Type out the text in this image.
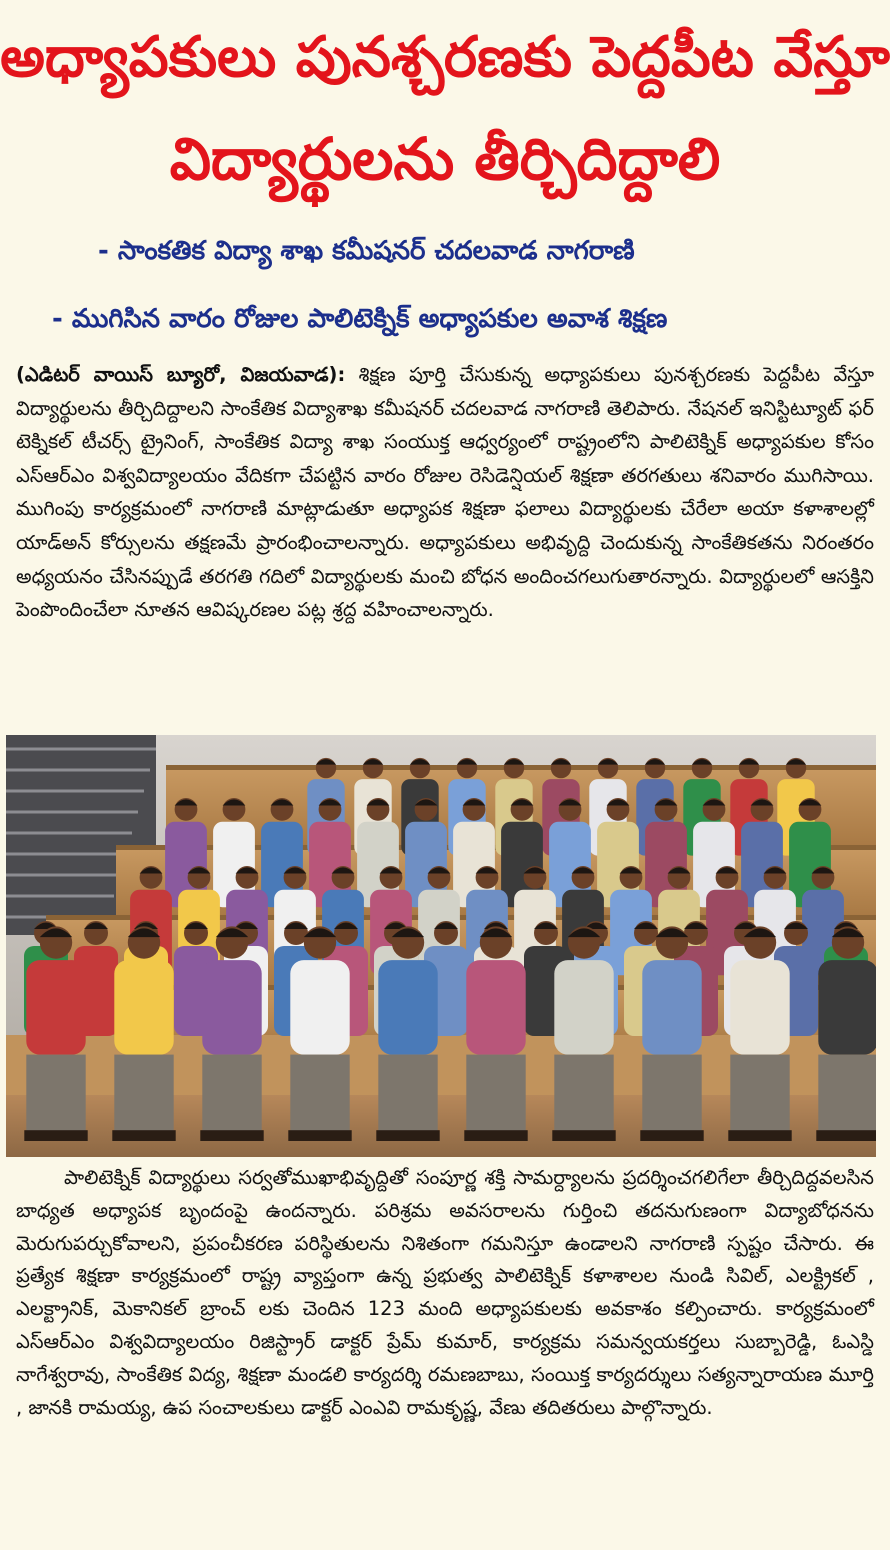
అధ్యాపకులు పునశ్చరణకు పెద్దపీట వేస్తూ
విద్యార్థులను తీర్చిదిద్దాలి
- సాంకతిక విద్యా శాఖ కమీషనర్ చదలవాడ నాగరాణి
- ముగిసిన వారం రోజుల పాలిటెక్నిక్ అధ్యాపకుల అవాశ శిక్షణ
(ఎడిటర్ వాయిస్ బ్యూరో, విజయవాడ): శిక్షణ పూర్తి చేసుకున్న అధ్యాపకులు పునశ్చరణకు పెద్దపీట వేస్తూ విద్యార్థులను తీర్చిదిద్దాలని సాంకేతిక విద్యాశాఖ కమీషనర్ చదలవాడ నాగరాణి తెలిపారు. నేషనల్ ఇనిస్టిట్యూట్ ఫర్ టెక్నికల్ టీచర్స్ ట్రైనింగ్, సాంకేతిక విద్యా శాఖ సంయుక్త ఆధ్వర్యంలో రాష్ట్రంలోని పాలిటెక్నిక్ అధ్యాపకుల కోసం ఎస్ఆర్ఎం విశ్వవిద్యాలయం వేదికగా చేపట్టిన వారం రోజుల రెసిడెన్షియల్ శిక్షణా తరగతులు శనివారం ముగిసాయి. ముగింపు కార్యక్రమంలో నాగరాణి మాట్లాడుతూ అధ్యాపక శిక్షణా ఫలాలు విద్యార్థులకు చేరేలా అయా కళాశాలల్లో యాడ్అన్ కోర్సులను తక్షణమే ప్రారంభించాలన్నారు. అధ్యాపకులు అభివృద్ది చెందుకున్న సాంకేతికతను నిరంతరం అధ్యయనం చేసినప్పుడే తరగతి గదిలో విద్యార్థులకు మంచి బోధన అందించగలుగుతారన్నారు. విద్యార్థులలో ఆసక్తిని పెంపొందించేలా నూతన ఆవిష్కరణల పట్ల శ్రద్ద వహించాలన్నారు.
పాలిటెక్నిక్ విద్యార్థులు సర్వతోముఖాభివృద్దితో సంపూర్ణ శక్తి సామర్ద్యాలను ప్రదర్శించగలిగేలా తీర్చిదిద్దవలసిన బాధ్యత అధ్యాపక బృందంపై ఉందన్నారు. పరిశ్రమ అవసరాలను గుర్తించి తదనుగుణంగా విద్యాబోధనను మెరుగుపర్చుకోవాలని, ప్రపంచీకరణ పరిస్థితులను నిశితంగా గమనిస్తూ ఉండాలని నాగరాణి స్పష్టం చేసారు. ఈ ప్రత్యేక శిక్షణా కార్యక్రమంలో రాష్ట్ర వ్యాప్తంగా ఉన్న ప్రభుత్వ పాలిటెక్నిక్ కళాశాలల నుండి సివిల్, ఎలక్ట్రికల్ , ఎలక్ట్రానిక్, మెకానికల్ బ్రాంచ్ లకు చెందిన 123 మంది అధ్యాపకులకు అవకాశం కల్పించారు. కార్యక్రమంలో ఎస్ఆర్ఎం విశ్వవిద్యాలయం రిజిస్ట్రార్ డాక్టర్ ప్రేమ్ కుమార్, కార్యక్రమ సమన్వయకర్తలు సుబ్బారెడ్డి, ఓఎస్డి నాగేశ్వరావు, సాంకేతిక విద్య, శిక్షణా మండలి కార్యదర్శి రమణబాబు, సంయిక్త కార్యదర్శులు సత్యన్నారాయణ మూర్తి , జానకి రామయ్య, ఉప సంచాలకులు డాక్టర్ ఎంఎవి రామకృష్ణ, వేణు తదితరులు పాల్గొన్నారు.
